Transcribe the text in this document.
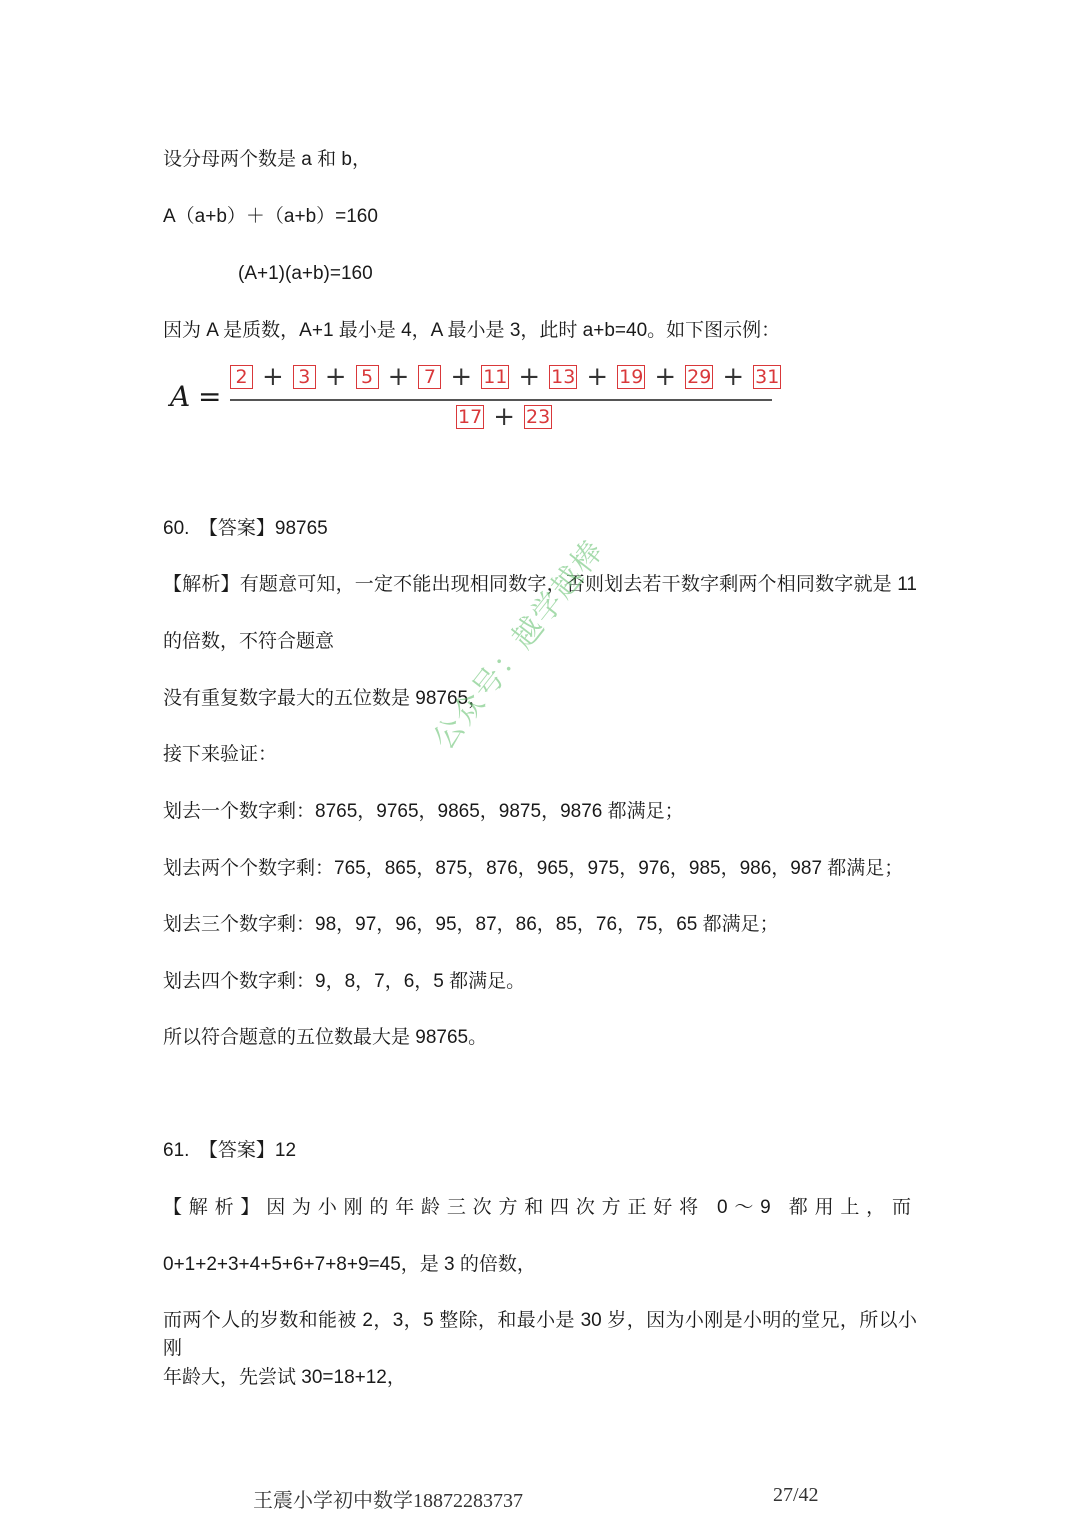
设分母两个数是 a 和 b，
A（a+b）＋（a+b）=160
(A+1)(a+b)=160
因为 A 是质数，A+1 最小是 4，A 最小是 3，此时 a+b=40。如下图示例：
A =
2 + 3 + 5 + 7 + 11 + 13 + 19 + 29 + 31
17 + 23
60.　【答案】98765
【解析】有题意可知，一定不能出现相同数字，否则划去若干数字剩两个相同数字就是 11
的倍数，不符合题意
没有重复数字最大的五位数是 98765，
接下来验证：
划去一个数字剩：8765，9765，9865，9875，9876 都满足；
划去两个个数字剩：765，865，875，876，965，975，976，985，986，987 都满足；
划去三个数字剩：98，97，96，95，87，86，85，76，75，65 都满足；
划去四个数字剩：9，8，7，6，5 都满足。
所以符合题意的五位数最大是 98765。
61.　【答案】12
【解析】因为小刚的年龄三次方和四次方正好将 0～9 都用上，而
0+1+2+3+4+5+6+7+8+9=45，是 3 的倍数，
而两个人的岁数和能被 2，3，5 整除，和最小是 30 岁，因为小刚是小明的堂兄，所以小刚
年龄大，先尝试 30=18+12，
公众号：越学越棒
王震小学初中数学18872283737	27/42
